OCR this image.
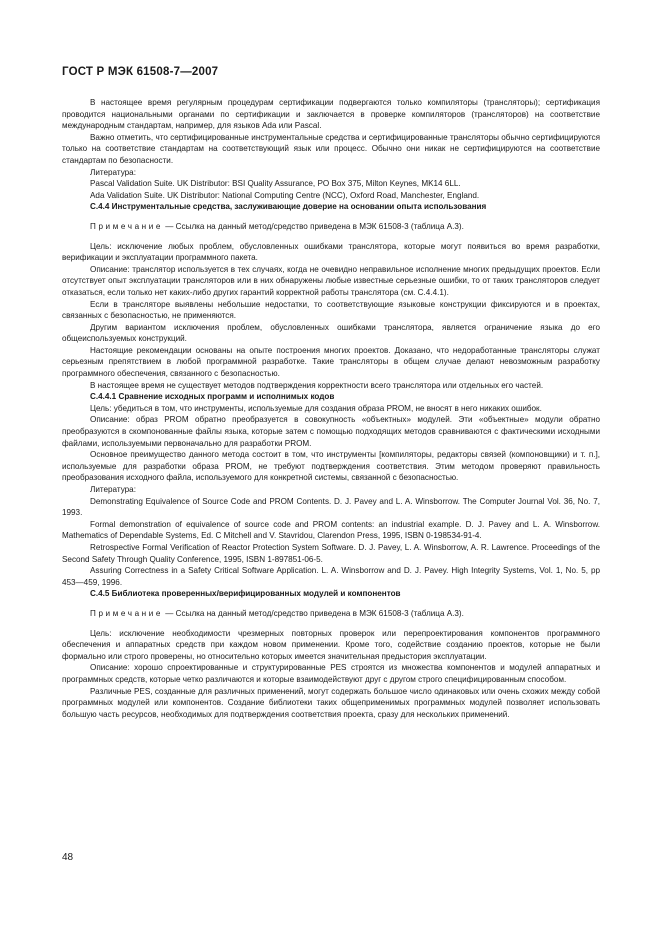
ГОСТ Р МЭК 61508-7—2007

В настоящее время регулярным процедурам сертификации подвергаются только компиляторы (трансляторы); сертификация проводится национальными органами по сертификации и заключается в проверке компиляторов (трансляторов) на соответствие международным стандартам, например, для языков Ada или Pascal.

Важно отметить, что сертифицированные инструментальные средства и сертифицированные трансляторы обычно сертифицируются только на соответствие стандартам на соответствующий язык или процесс. Обычно они никак не сертифицируются на соответствие стандартам по безопасности.

Литература:

Pascal Validation Suite. UK Distributor: BSI Quality Assurance, PO Box 375, Milton Keynes, MK14 6LL.

Ada Validation Suite. UK Distributor: National Computing Centre (NCC), Oxford Road, Manchester, England.

С.4.4 Инструментальные средства, заслуживающие доверие на основании опыта использования

Примечание — Ссылка на данный метод/средство приведена в МЭК 61508-3 (таблица А.3).

Цель: исключение любых проблем, обусловленных ошибками транслятора, которые могут появиться во время разработки, верификации и эксплуатации программного пакета.

Описание: транслятор используется в тех случаях, когда не очевидно неправильное исполнение многих предыдущих проектов. Если отсутствует опыт эксплуатации трансляторов или в них обнаружены любые известные серьезные ошибки, то от таких трансляторов следует отказаться, если только нет каких-либо других гарантий корректной работы транслятора (см. С.4.4.1).

Если в трансляторе выявлены небольшие недостатки, то соответствующие языковые конструкции фиксируются и в проектах, связанных с безопасностью, не применяются.

Другим вариантом исключения проблем, обусловленных ошибками транслятора, является ограничение языка до его общеиспользуемых конструкций.

Настоящие рекомендации основаны на опыте построения многих проектов. Доказано, что недоработанные трансляторы служат серьезным препятствием в любой программной разработке. Такие трансляторы в общем случае делают невозможным разработку программного обеспечения, связанного с безопасностью.

В настоящее время не существует методов подтверждения корректности всего транслятора или отдельных его частей.

С.4.4.1 Сравнение исходных программ и исполнимых кодов

Цель: убедиться в том, что инструменты, используемые для создания образа PROM, не вносят в него никаких ошибок.

Описание: образ PROM обратно преобразуется в совокупность «объектных» модулей. Эти «объектные» модули обратно преобразуются в скомпонованные файлы языка, которые затем с помощью подходящих методов сравниваются с фактическими исходными файлами, используемыми первоначально для разработки PROM.

Основное преимущество данного метода состоит в том, что инструменты [компиляторы, редакторы связей (компоновщики) и т. п.], используемые для разработки образа PROM, не требуют подтверждения соответствия. Этим методом проверяют правильность преобразования исходного файла, используемого для конкретной системы, связанной с безопасностью.

Литература:

Demonstrating Equivalence of Source Code and PROM Contents. D. J. Pavey and L. A. Winsborrow. The Computer Journal Vol. 36, No. 7, 1993.

Formal demonstration of equivalence of source code and PROM contents: an industrial example. D. J. Pavey and L. A. Winsborrow. Mathematics of Dependable Systems, Ed. C Mitchell and V. Stavridou, Clarendon Press, 1995, ISBN 0-198534-91-4.

Retrospective Formal Verification of Reactor Protection System Software. D. J. Pavey, L. A. Winsborrow, A. R. Lawrence. Proceedings of the Second Safety Through Quality Conference, 1995, ISBN 1-897851-06-5.

Assuring Correctness in a Safety Critical Software Application. L. A. Winsborrow and D. J. Pavey. High Integrity Systems, Vol. 1, No. 5, pp 453—459, 1996.

С.4.5 Библиотека проверенных/верифицированных модулей и компонентов

Примечание — Ссылка на данный метод/средство приведена в МЭК 61508-3 (таблица А.3).

Цель: исключение необходимости чрезмерных повторных проверок или перепроектирования компонентов программного обеспечения и аппаратных средств при каждом новом применении. Кроме того, содействие созданию проектов, которые не были формально или строго проверены, но относительно которых имеется значительная предыстория эксплуатации.

Описание: хорошо спроектированные и структурированные PES строятся из множества компонентов и модулей аппаратных и программных средств, которые четко различаются и которые взаимодействуют друг с другом строго специфицированным способом.

Различные PES, созданные для различных применений, могут содержать большое число одинаковых или очень схожих между собой программных модулей или компонентов. Создание библиотеки таких общеприменимых программных модулей позволяет использовать большую часть ресурсов, необходимых для подтверждения соответствия проекта, сразу для нескольких применений.

48
